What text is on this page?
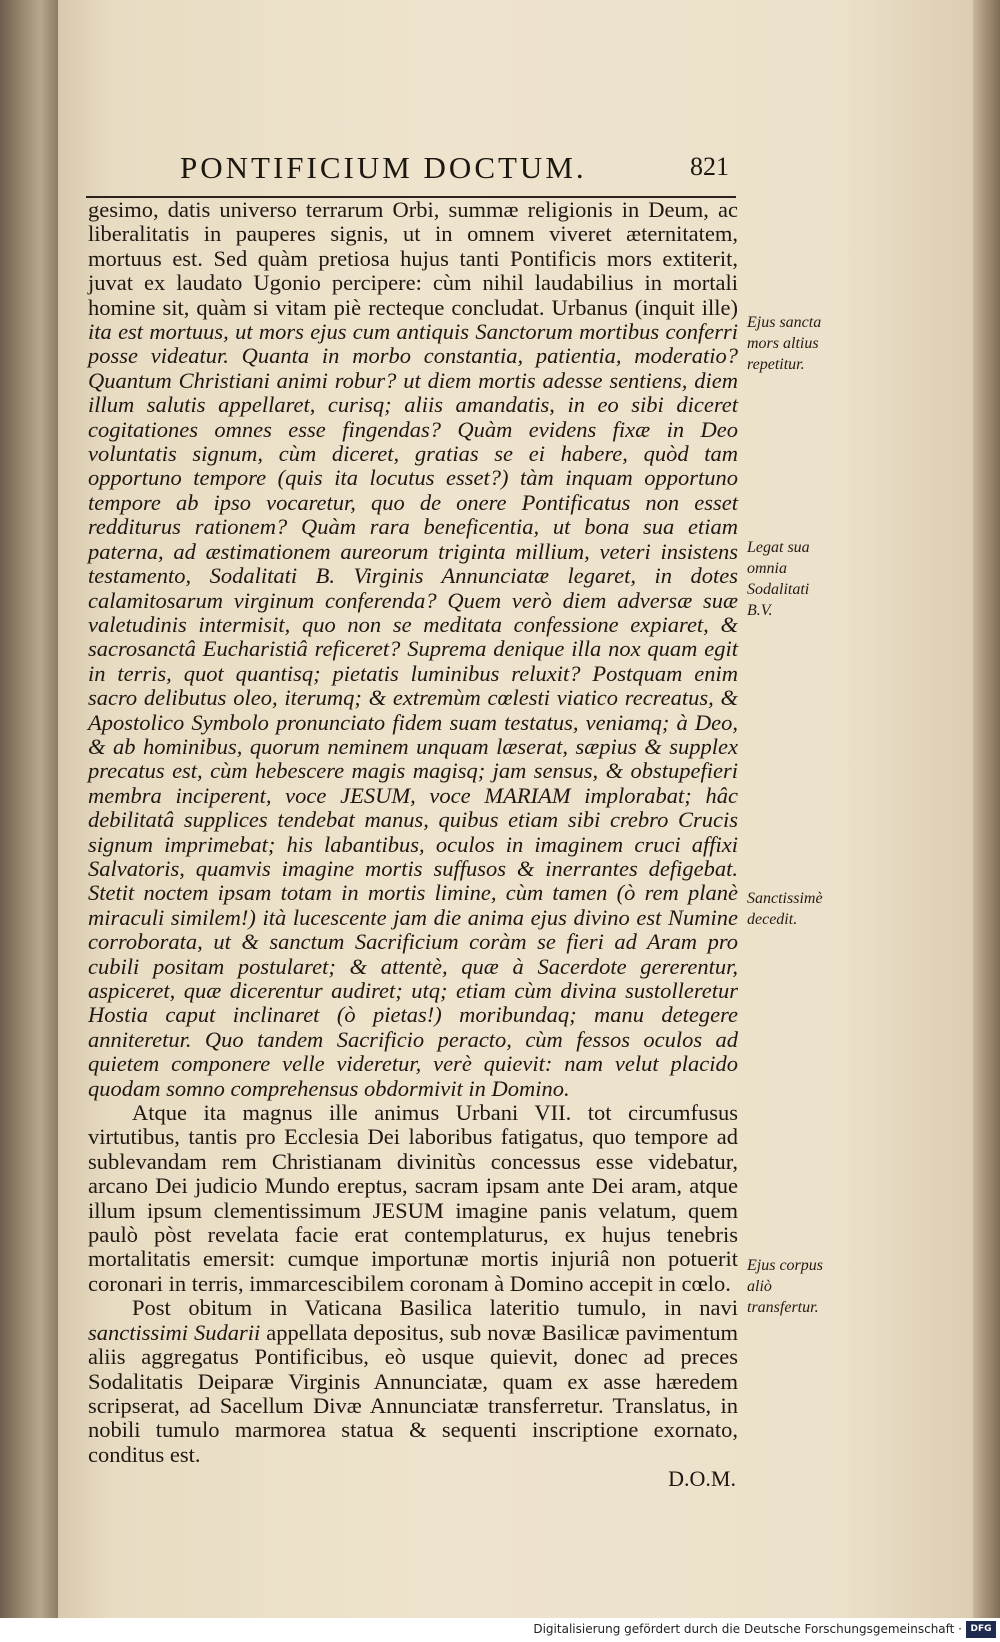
PONTIFICIUM DOCTUM.	821
gesimo, datis universo terrarum Orbi, summæ religionis in Deum, ac liberalitatis in pauperes signis, ut in omnem viveret æternitatem, mortuus est. Sed quàm pretiosa hujus tanti Pontificis mors extiterit, juvat ex laudato Ugonio percipere: cùm nihil laudabilius in mortali homine sit, quàm si vitam piè recteque concludat. Urbanus (inquit ille) ita est mortuus, ut mors ejus cum antiquis Sanctorum mortibus conferri posse videatur. Quanta in morbo constantia, patientia, moderatio? Quantum Christiani animi robur? ut diem mortis adesse sentiens, diem illum salutis appellaret, curisq; aliis amandatis, in eo sibi diceret cogitationes omnes esse fingendas? Quàm evidens fixæ in Deo voluntatis signum, cùm diceret, gratias se ei habere, quòd tam opportuno tempore (quis ita locutus esset?) tàm inquam opportuno tempore ab ipso vocaretur, quo de onere Pontificatus non esset redditurus rationem? Quàm rara beneficentia, ut bona sua etiam paterna, ad æstimationem aureorum triginta millium, veteri insistens testamento, Sodalitati B. Virginis Annunciatæ legaret, in dotes calamitosarum virginum conferenda? Quem verò diem adversæ suæ valetudinis intermisit, quo non se meditata confessione expiaret, & sacrosanctâ Eucharistiâ reficeret? Suprema denique illa nox quam egit in terris, quot quantisq; pietatis luminibus reluxit? Postquam enim sacro delibutus oleo, iterumq; & extremùm cœlesti viatico recreatus, & Apostolico Symbolo pronunciato fidem suam testatus, veniamq; à Deo, & ab hominibus, quorum neminem unquam læserat, sæpius & supplex precatus est, cùm hebescere magis magisq; jam sensus, & obstupefieri membra inciperent, voce JESUM, voce MARIAM implorabat; hâc debilitatâ supplices tendebat manus, quibus etiam sibi crebro Crucis signum imprimebat; his labantibus, oculos in imaginem cruci affixi Salvatoris, quamvis imagine mortis suffusos & inerrantes defigebat. Stetit noctem ipsam totam in mortis limine, cùm tamen (ò rem planè miraculi similem!) ità lucescente jam die anima ejus divino est Numine corroborata, ut & sanctum Sacrificium coràm se fieri ad Aram pro cubili positam postularet; & attentè, quæ à Sacerdote gererentur, aspiceret, quæ dicerentur audiret; utq; etiam cùm divina sustolleretur Hostia caput inclinaret (ò pietas!) moribundaq; manu detegere anniteretur. Quo tandem Sacrificio peracto, cùm fessos oculos ad quietem componere velle videretur, verè quievit: nam velut placido quodam somno comprehensus obdormivit in Domino.
Atque ita magnus ille animus Urbani VII. tot circumfusus virtutibus, tantis pro Ecclesia Dei laboribus fatigatus, quo tempore ad sublevandam rem Christianam divinitùs concessus esse videbatur, arcano Dei judicio Mundo ereptus, sacram ipsam ante Dei aram, atque illum ipsum clementissimum JESUM imagine panis velatum, quem paulò pòst revelata facie erat contemplaturus, ex hujus tenebris mortalitatis emersit: cumque importunæ mortis injuriâ non potuerit coronari in terris, immarcescibilem coronam à Domino accepit in cœlo.
Post obitum in Vaticana Basilica lateritio tumulo, in navi sanctissimi Sudarii appellata depositus, sub novæ Basilicæ pavimentum aliis aggregatus Pontificibus, eò usque quievit, donec ad preces Sodalitatis Deiparæ Virginis Annunciatæ, quam ex asse hæredem scripserat, ad Sacellum Divæ Annunciatæ transferretur. Translatus, in nobili tumulo marmorea statua & sequenti inscriptione exornato, conditus est.
D.O.M.
Ejus sancta mors altius repetitur.
Legat sua omnia Sodalitati B.V.
Sanctissimè decedit.
Ejus corpus aliò transfertur.
Digitalisierung gefördert durch die Deutsche Forschungsgemeinschaft · DFG
